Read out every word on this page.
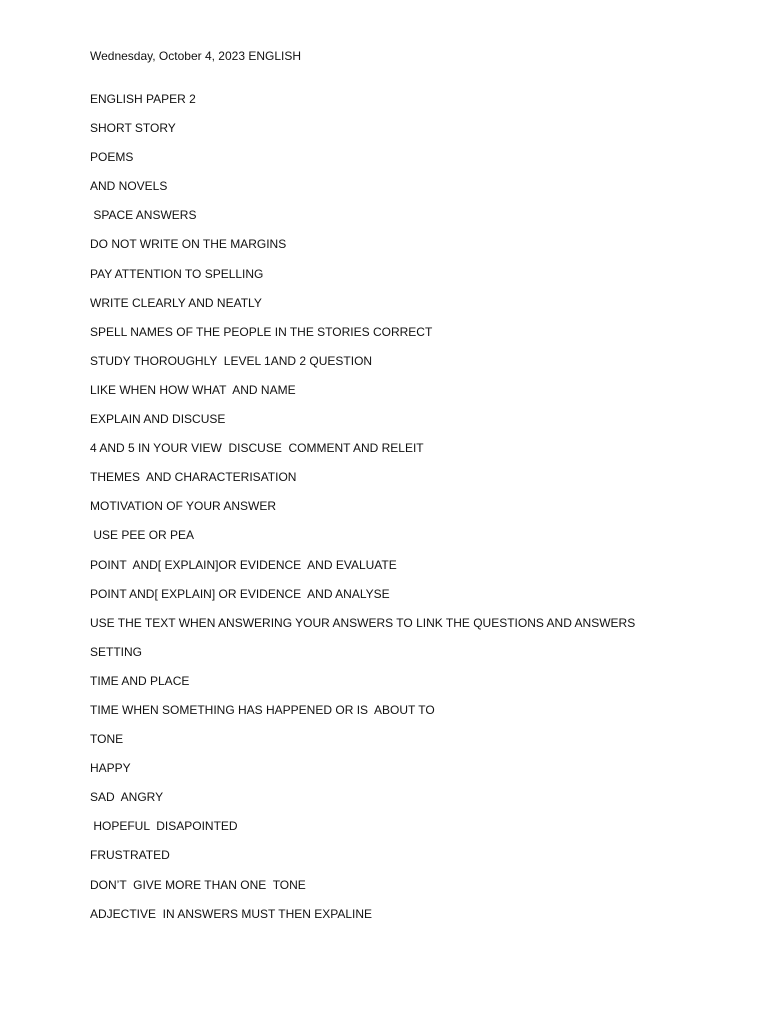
Wednesday, October 4, 2023 ENGLISH
ENGLISH PAPER 2
SHORT STORY
POEMS
AND NOVELS
SPACE ANSWERS
DO NOT WRITE ON THE MARGINS
PAY ATTENTION TO SPELLING
WRITE CLEARLY AND NEATLY
SPELL NAMES OF THE PEOPLE IN THE STORIES CORRECT
STUDY THOROUGHLY  LEVEL 1AND 2 QUESTION
LIKE WHEN HOW WHAT  AND NAME
EXPLAIN AND DISCUSE
4 AND 5 IN YOUR VIEW  DISCUSE  COMMENT AND RELEIT
THEMES  AND CHARACTERISATION
MOTIVATION OF YOUR ANSWER
USE PEE OR PEA
POINT  AND[ EXPLAIN]OR EVIDENCE  AND EVALUATE
POINT AND[ EXPLAIN] OR EVIDENCE  AND ANALYSE
USE THE TEXT WHEN ANSWERING YOUR ANSWERS TO LINK THE QUESTIONS AND ANSWERS
SETTING
TIME AND PLACE
TIME WHEN SOMETHING HAS HAPPENED OR IS  ABOUT TO
TONE
HAPPY
SAD  ANGRY
HOPEFUL  DISAPOINTED
FRUSTRATED
DON’T  GIVE MORE THAN ONE  TONE
ADJECTIVE  IN ANSWERS MUST THEN EXPALINE
